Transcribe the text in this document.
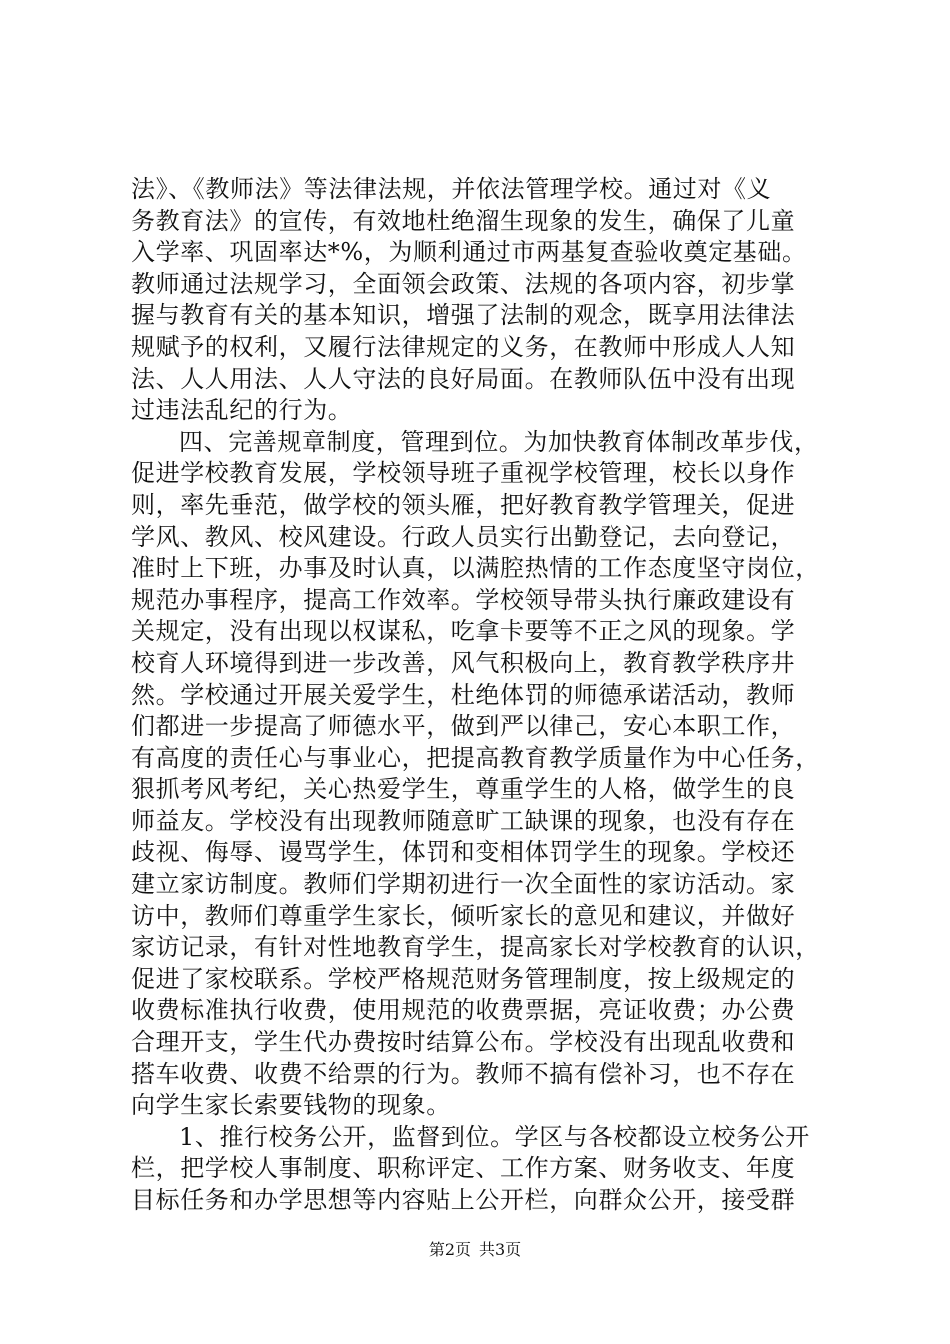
法》、《教师法》等法律法规，并依法管理学校。通过对《义
务教育法》的宣传，有效地杜绝溜生现象的发生，确保了儿童
入学率、巩固率达*%，为顺利通过市两基复查验收奠定基础。
教师通过法规学习，全面领会政策、法规的各项内容，初步掌
握与教育有关的基本知识，增强了法制的观念，既享用法律法
规赋予的权利，又履行法律规定的义务，在教师中形成人人知
法、人人用法、人人守法的良好局面。在教师队伍中没有出现
过违法乱纪的行为。
四、完善规章制度，管理到位。为加快教育体制改革步伐，
促进学校教育发展，学校领导班子重视学校管理，校长以身作
则，率先垂范，做学校的领头雁，把好教育教学管理关，促进
学风、教风、校风建设。行政人员实行出勤登记，去向登记，
准时上下班，办事及时认真，以满腔热情的工作态度坚守岗位，
规范办事程序，提高工作效率。学校领导带头执行廉政建设有
关规定，没有出现以权谋私，吃拿卡要等不正之风的现象。学
校育人环境得到进一步改善，风气积极向上，教育教学秩序井
然。学校通过开展关爱学生，杜绝体罚的师德承诺活动，教师
们都进一步提高了师德水平，做到严以律己，安心本职工作，
有高度的责任心与事业心，把提高教育教学质量作为中心任务，
狠抓考风考纪，关心热爱学生，尊重学生的人格，做学生的良
师益友。学校没有出现教师随意旷工缺课的现象，也没有存在
歧视、侮辱、谩骂学生，体罚和变相体罚学生的现象。学校还
建立家访制度。教师们学期初进行一次全面性的家访活动。家
访中，教师们尊重学生家长，倾听家长的意见和建议，并做好
家访记录，有针对性地教育学生，提高家长对学校教育的认识，
促进了家校联系。学校严格规范财务管理制度，按上级规定的
收费标准执行收费，使用规范的收费票据，亮证收费；办公费
合理开支，学生代办费按时结算公布。学校没有出现乱收费和
搭车收费、收费不给票的行为。教师不搞有偿补习，也不存在
向学生家长索要钱物的现象。
1、推行校务公开，监督到位。学区与各校都设立校务公开
栏，把学校人事制度、职称评定、工作方案、财务收支、年度
目标任务和办学思想等内容贴上公开栏，向群众公开，接受群
第2页 共3页
